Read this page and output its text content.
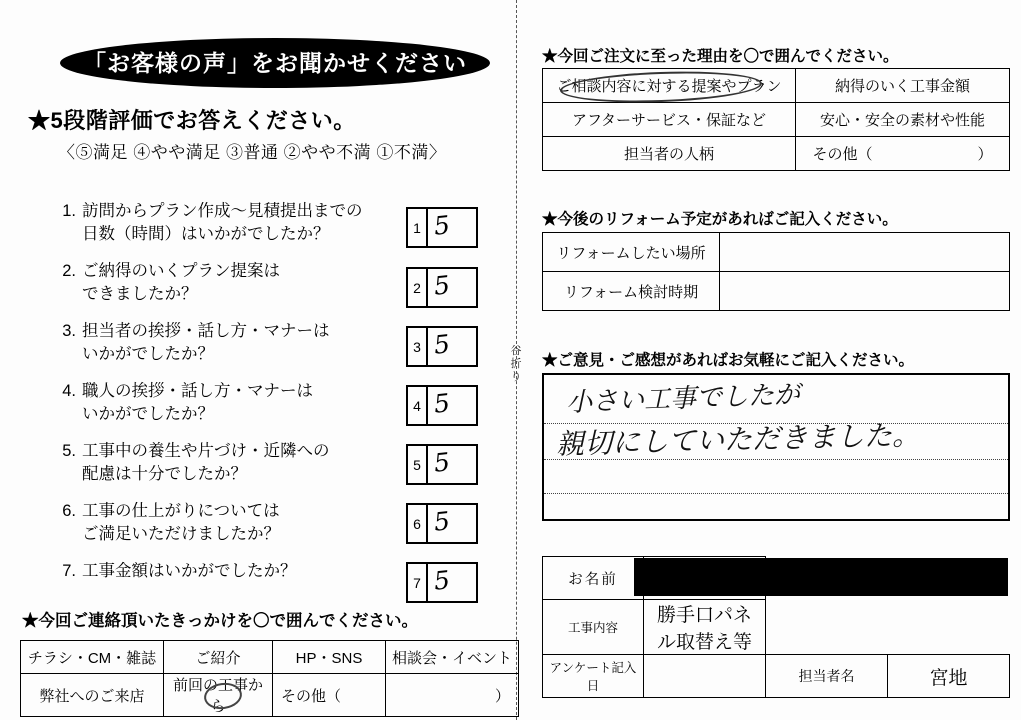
谷
折
り
「お客様の声」をお聞かせください
★5段階評価でお答えください。
〈⑤満足 ④やや満足 ③普通 ②やや不満 ①不満〉
1. 訪問からプラン作成～見積提出までの
日数（時間）はいかがでしたか？
2. ご納得のいくプラン提案は
できましたか？
3. 担当者の挨拶・話し方・マナーは
いかがでしたか？
4. 職人の挨拶・話し方・マナーは
いかがでしたか？
5. 工事中の養生や片づけ・近隣への
配慮は十分でしたか？
6. 工事の仕上がりについては
ご満足いただけましたか？
7. 工事金額はいかがでしたか？
1 5
2 5
3 5
4 5
5 5
6 5
7 5
★今回ご連絡頂いたきっかけを〇で囲んでください。
チラシ・CM・雑誌	ご紹介	HP・SNS	相談会・イベント
弊社へのご来店	前回の工事から	その他（	）
★今回ご注文に至った理由を〇で囲んでください。
ご相談内容に対する提案やプラン	納得のいく工事金額
アフターサービス・保証など	安心・安全の素材や性能
担当者の人柄	その他（　　　　　　　）
★今後のリフォーム予定があればご記入ください。
リフォームしたい場所	
リフォーム検討時期	
★ご意見・ご感想があればお気軽にご記入ください。
小さい工事でしたが
親切にしていただきました。
お名前			
工事内容	勝手口パネル取替え等		
アンケート記入日		担当者名	宮地
